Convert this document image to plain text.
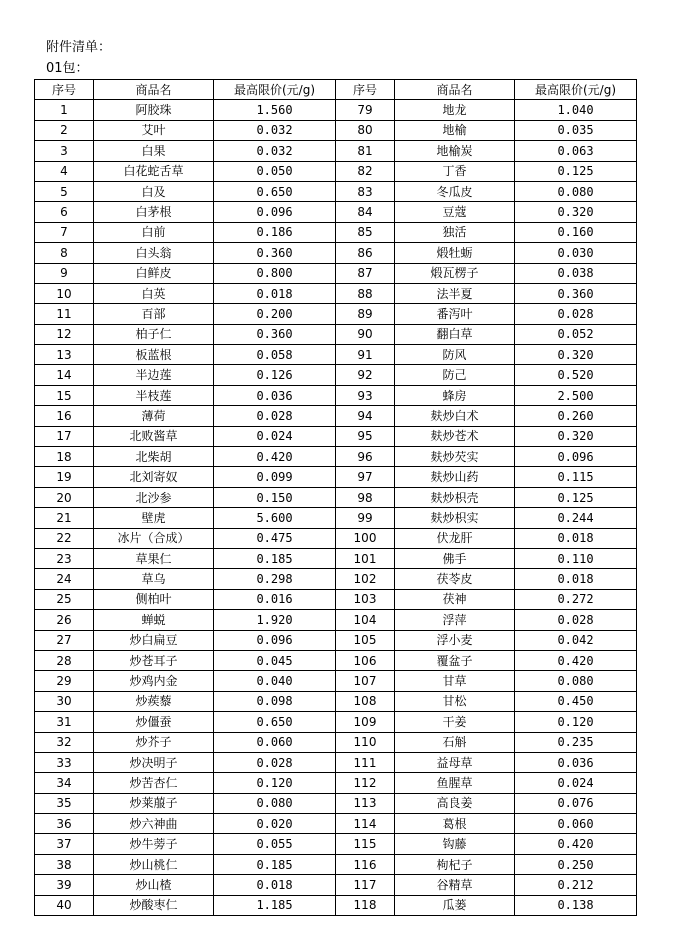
附件清单：
01包：
序号	商品名	最高限价(元/g)	序号	商品名	最高限价(元/g)
1	阿胶珠	1.560	79	地龙	1.040
2	艾叶	0.032	80	地榆	0.035
3	白果	0.032	81	地榆炭	0.063
4	白花蛇舌草	0.050	82	丁香	0.125
5	白及	0.650	83	冬瓜皮	0.080
6	白茅根	0.096	84	豆蔻	0.320
7	白前	0.186	85	独活	0.160
8	白头翁	0.360	86	煅牡蛎	0.030
9	白鲜皮	0.800	87	煅瓦楞子	0.038
10	白英	0.018	88	法半夏	0.360
11	百部	0.200	89	番泻叶	0.028
12	柏子仁	0.360	90	翻白草	0.052
13	板蓝根	0.058	91	防风	0.320
14	半边莲	0.126	92	防己	0.520
15	半枝莲	0.036	93	蜂房	2.500
16	薄荷	0.028	94	麸炒白术	0.260
17	北败酱草	0.024	95	麸炒苍术	0.320
18	北柴胡	0.420	96	麸炒芡实	0.096
19	北刘寄奴	0.099	97	麸炒山药	0.115
20	北沙参	0.150	98	麸炒枳壳	0.125
21	壁虎	5.600	99	麸炒枳实	0.244
22	冰片（合成）	0.475	100	伏龙肝	0.018
23	草果仁	0.185	101	佛手	0.110
24	草乌	0.298	102	茯苓皮	0.018
25	侧柏叶	0.016	103	茯神	0.272
26	蝉蜕	1.920	104	浮萍	0.028
27	炒白扁豆	0.096	105	浮小麦	0.042
28	炒苍耳子	0.045	106	覆盆子	0.420
29	炒鸡内金	0.040	107	甘草	0.080
30	炒蒺藜	0.098	108	甘松	0.450
31	炒僵蚕	0.650	109	干姜	0.120
32	炒芥子	0.060	110	石斛	0.235
33	炒决明子	0.028	111	益母草	0.036
34	炒苦杏仁	0.120	112	鱼腥草	0.024
35	炒莱菔子	0.080	113	高良姜	0.076
36	炒六神曲	0.020	114	葛根	0.060
37	炒牛蒡子	0.055	115	钩藤	0.420
38	炒山桃仁	0.185	116	枸杞子	0.250
39	炒山楂	0.018	117	谷精草	0.212
40	炒酸枣仁	1.185	118	瓜蒌	0.138
